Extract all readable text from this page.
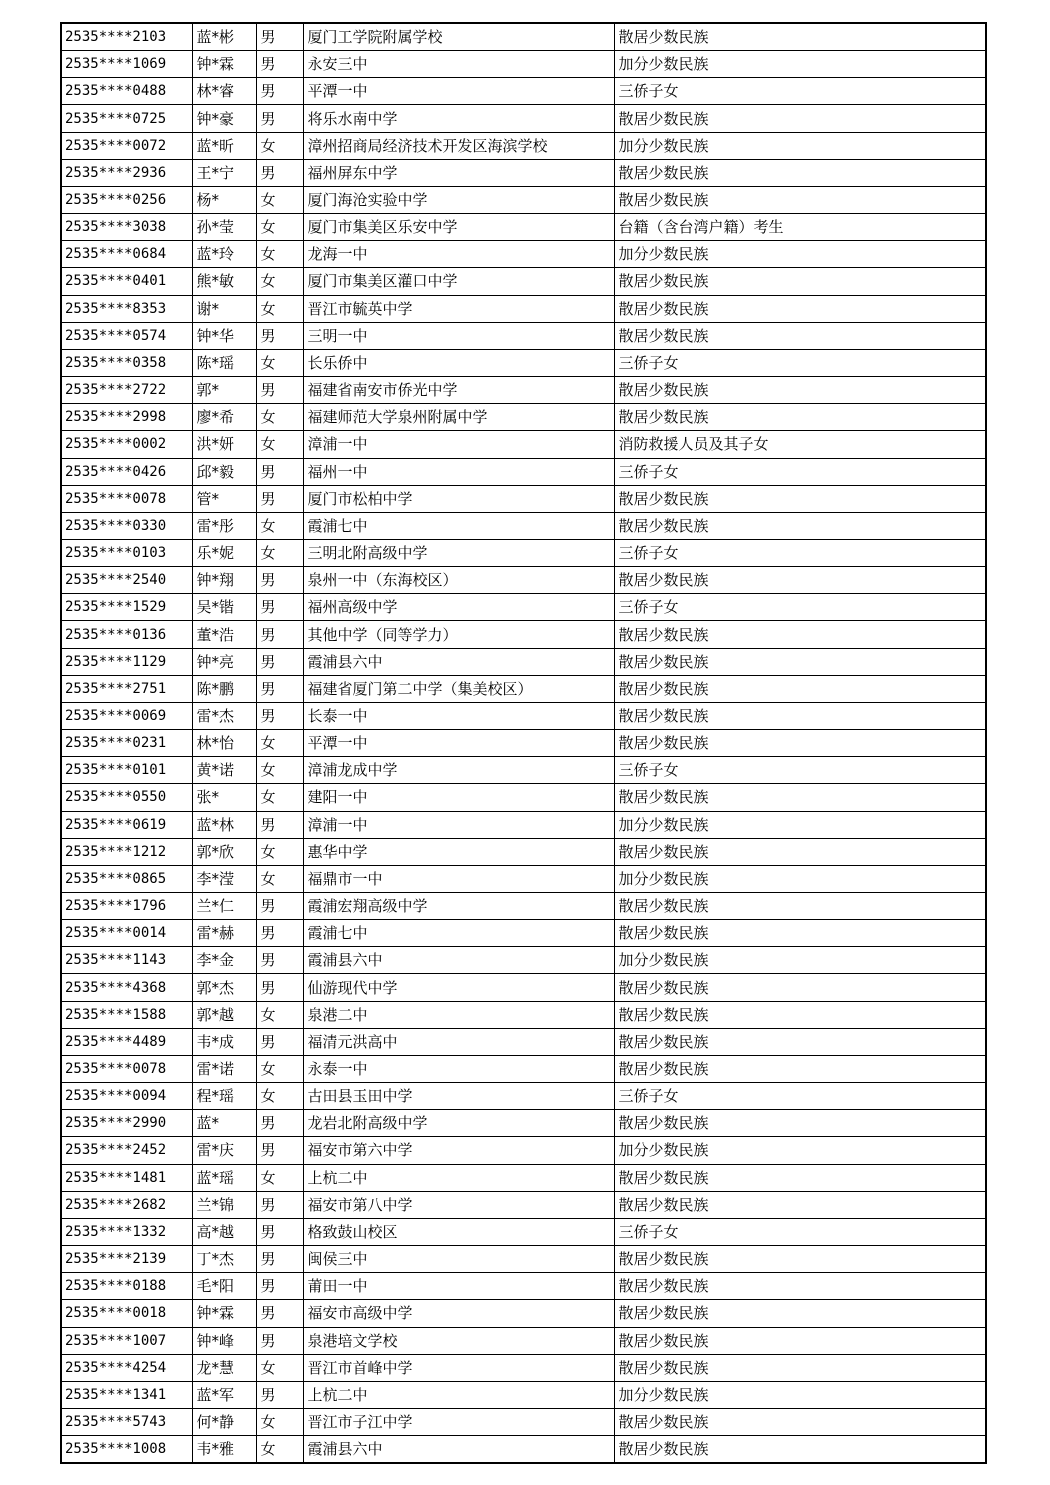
2535****2103	蓝*彬	男	厦门工学院附属学校	散居少数民族
2535****1069	钟*霖	男	永安三中	加分少数民族
2535****0488	林*睿	男	平潭一中	三侨子女
2535****0725	钟*豪	男	将乐水南中学	散居少数民族
2535****0072	蓝*昕	女	漳州招商局经济技术开发区海滨学校	加分少数民族
2535****2936	王*宁	男	福州屏东中学	散居少数民族
2535****0256	杨*	女	厦门海沧实验中学	散居少数民族
2535****3038	孙*莹	女	厦门市集美区乐安中学	台籍（含台湾户籍）考生
2535****0684	蓝*玲	女	龙海一中	加分少数民族
2535****0401	熊*敏	女	厦门市集美区灌口中学	散居少数民族
2535****8353	谢*	女	晋江市毓英中学	散居少数民族
2535****0574	钟*华	男	三明一中	散居少数民族
2535****0358	陈*瑶	女	长乐侨中	三侨子女
2535****2722	郭*	男	福建省南安市侨光中学	散居少数民族
2535****2998	廖*希	女	福建师范大学泉州附属中学	散居少数民族
2535****0002	洪*妍	女	漳浦一中	消防救援人员及其子女
2535****0426	邱*毅	男	福州一中	三侨子女
2535****0078	管*	男	厦门市松柏中学	散居少数民族
2535****0330	雷*彤	女	霞浦七中	散居少数民族
2535****0103	乐*妮	女	三明北附高级中学	三侨子女
2535****2540	钟*翔	男	泉州一中（东海校区）	散居少数民族
2535****1529	吴*锴	男	福州高级中学	三侨子女
2535****0136	董*浩	男	其他中学（同等学力）	散居少数民族
2535****1129	钟*亮	男	霞浦县六中	散居少数民族
2535****2751	陈*鹏	男	福建省厦门第二中学（集美校区）	散居少数民族
2535****0069	雷*杰	男	长泰一中	散居少数民族
2535****0231	林*怡	女	平潭一中	散居少数民族
2535****0101	黄*诺	女	漳浦龙成中学	三侨子女
2535****0550	张*	女	建阳一中	散居少数民族
2535****0619	蓝*林	男	漳浦一中	加分少数民族
2535****1212	郭*欣	女	惠华中学	散居少数民族
2535****0865	李*滢	女	福鼎市一中	加分少数民族
2535****1796	兰*仁	男	霞浦宏翔高级中学	散居少数民族
2535****0014	雷*赫	男	霞浦七中	散居少数民族
2535****1143	李*金	男	霞浦县六中	加分少数民族
2535****4368	郭*杰	男	仙游现代中学	散居少数民族
2535****1588	郭*越	女	泉港二中	散居少数民族
2535****4489	韦*成	男	福清元洪高中	散居少数民族
2535****0078	雷*诺	女	永泰一中	散居少数民族
2535****0094	程*瑶	女	古田县玉田中学	三侨子女
2535****2990	蓝*	男	龙岩北附高级中学	散居少数民族
2535****2452	雷*庆	男	福安市第六中学	加分少数民族
2535****1481	蓝*瑶	女	上杭二中	散居少数民族
2535****2682	兰*锦	男	福安市第八中学	散居少数民族
2535****1332	高*越	男	格致鼓山校区	三侨子女
2535****2139	丁*杰	男	闽侯三中	散居少数民族
2535****0188	毛*阳	男	莆田一中	散居少数民族
2535****0018	钟*霖	男	福安市高级中学	散居少数民族
2535****1007	钟*峰	男	泉港培文学校	散居少数民族
2535****4254	龙*慧	女	晋江市首峰中学	散居少数民族
2535****1341	蓝*军	男	上杭二中	加分少数民族
2535****5743	何*静	女	晋江市子江中学	散居少数民族
2535****1008	韦*雅	女	霞浦县六中	散居少数民族
